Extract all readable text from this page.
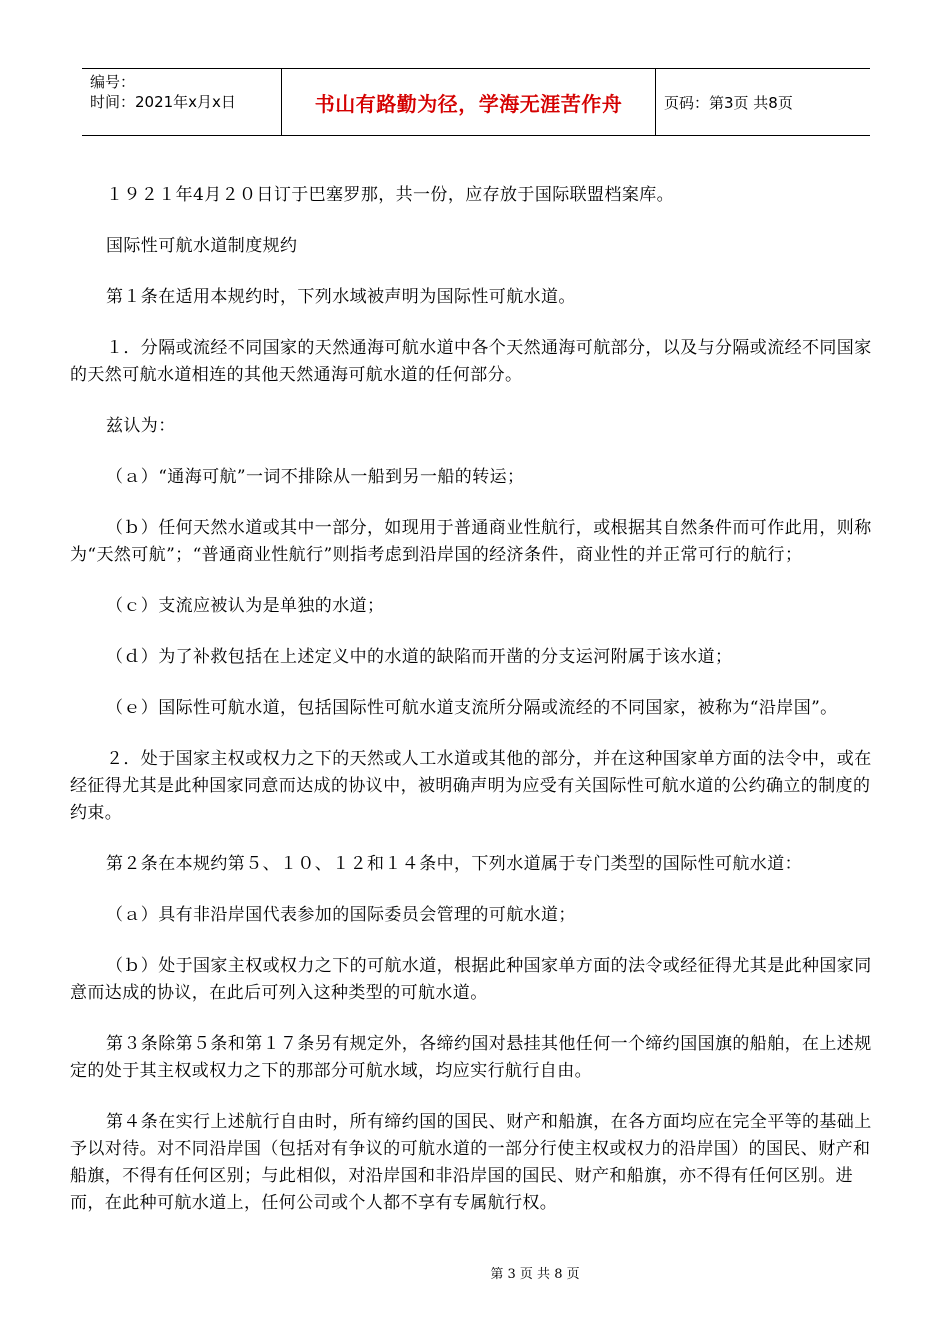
编号：
时间：2021年x月x日	书山有路勤为径，学海无涯苦作舟	页码：第3页 共8页

１９２１年4月２０日订于巴塞罗那，共一份，应存放于国际联盟档案库。

国际性可航水道制度规约

第１条在适用本规约时，下列水域被声明为国际性可航水道。

１．分隔或流经不同国家的天然通海可航水道中各个天然通海可航部分，以及与分隔或流经不同国家的天然可航水道相连的其他天然通海可航水道的任何部分。

兹认为：

（ａ）“通海可航”一词不排除从一船到另一船的转运；

（ｂ）任何天然水道或其中一部分，如现用于普通商业性航行，或根据其自然条件而可作此用，则称为“天然可航”；“普通商业性航行”则指考虑到沿岸国的经济条件，商业性的并正常可行的航行；

（ｃ）支流应被认为是单独的水道；

（ｄ）为了补救包括在上述定义中的水道的缺陷而开凿的分支运河附属于该水道；

（ｅ）国际性可航水道，包括国际性可航水道支流所分隔或流经的不同国家，被称为“沿岸国”。

２．处于国家主权或权力之下的天然或人工水道或其他的部分，并在这种国家单方面的法令中，或在经征得尤其是此种国家同意而达成的协议中，被明确声明为应受有关国际性可航水道的公约确立的制度的约束。

第２条在本规约第５、１０、１２和１４条中，下列水道属于专门类型的国际性可航水道：

（ａ）具有非沿岸国代表参加的国际委员会管理的可航水道；

（ｂ）处于国家主权或权力之下的可航水道，根据此种国家单方面的法令或经征得尤其是此种国家同意而达成的协议，在此后可列入这种类型的可航水道。

第３条除第５条和第１７条另有规定外，各缔约国对悬挂其他任何一个缔约国国旗的船舶，在上述规定的处于其主权或权力之下的那部分可航水域，均应实行航行自由。

第４条在实行上述航行自由时，所有缔约国的国民、财产和船旗，在各方面均应在完全平等的基础上予以对待。对不同沿岸国（包括对有争议的可航水道的一部分行使主权或权力的沿岸国）的国民、财产和船旗，不得有任何区别；与此相似，对沿岸国和非沿岸国的国民、财产和船旗，亦不得有任何区别。进而，在此种可航水道上，任何公司或个人都不享有专属航行权。

第 3 页 共 8 页
